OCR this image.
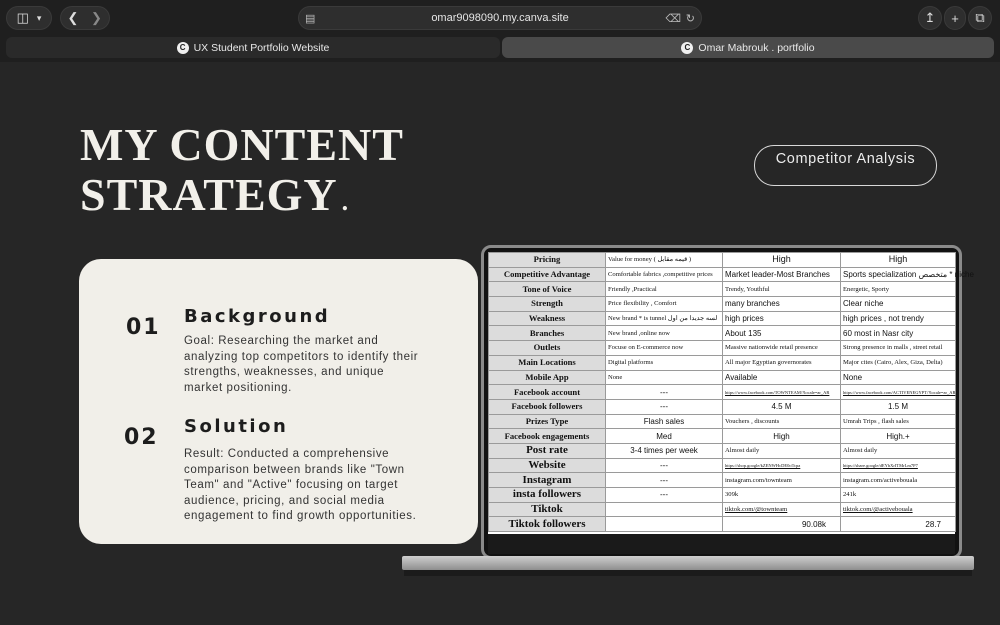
◫ ▾ ❮ ❯	▤	omar9098090.my.canva.site	⌫ ↻	↥ + ⧉
C UX Student Portfolio Website	C Omar Mabrouk . portfolio
MY CONTENT
STRATEGY .
Competitor Analysis
01 Background
Goal: Researching the market and analyzing top competitors to identify their strengths, weaknesses, and unique market positioning.
02 Solution
Result: Conducted a comprehensive comparison between brands like "Town Team" and "Active" focusing on target audience, pricing, and social media engagement to find growth opportunities.
Pricing	Value for money ( قيمه مقابل )	High	High
Competitive Advantage	Comfortable fabrics ,competitive prices	Market leader-Most Branches	Sports specialization متخصص * niche
Tone of Voice	Friendly ,Practical	Trendy, Youthful	Energetic, Sporty
Strength	Price flexibility , Comfort	many branches	Clear niche
Weakness	New brand * is tunnel لسه جديدا من اول	high prices	high prices , not trendy
Branches	New brand ,online now	About 135	60 most in Nasr city
Outlets	Focuse on E-commerce now	Massive nationwide retail presence	Strong presence in malls , street retail
Main Locations	Digital platforms	All major Egyptian governorates	Major cites (Cairo, Alex, Giza, Delta)
Mobile App	None	Available	None
Facebook account	---	https://www.facebook.com/TOWNTEAM/?locale=ar_AR	https://www.facebook.com/ACTIVENEGYPT/?locale=ar_AR
Facebook followers	---	4.5 M	1.5 M
Prizes Type	Flash sales	Vouchers , discounts	Umrah Trips , flash sales
Facebook engagements	Med	High	High.+
Post rate	3-4 times per week	Almost daily	Almost daily
Website	---	https://shop.google/kZENWHcDE0oTcpa	https://share.google/dEYbXrITMrLm7P7
Instagram	---	instagram.com/townteam	instagram.com/activebouala
insta followers	---	309k	241k
Tiktok		tiktok.com/@townteam	tiktok.com/@activebouala
Tiktok followers		90.08k	28.7
